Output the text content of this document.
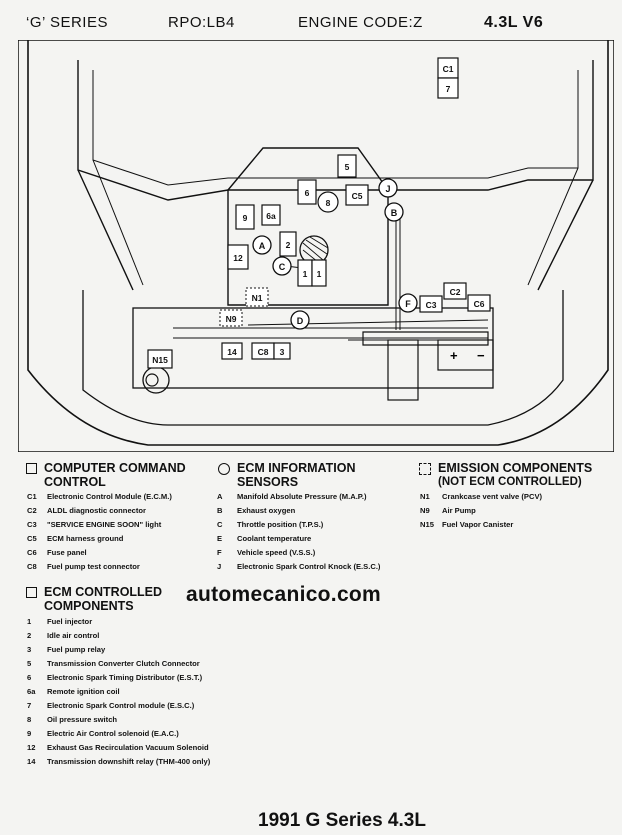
‘G’ SERIES	RPO:LB4	ENGINE CODE:Z	4.3L V6
+ −
C1
7
5
6
8
C5
9 6a
2
12
1 1
N1
N9
C3
C2
C6
14 C8 3
N15
J
B
A
C
D
F
COMPUTER COMMAND
CONTROL
C1 Electronic Control Module (E.C.M.)
C2 ALDL diagnostic connector
C3 "SERVICE ENGINE SOON" light
C5 ECM harness ground
C6 Fuse panel
C8 Fuel pump test connector
ECM INFORMATION
SENSORS
A Manifold Absolute Pressure (M.A.P.)
B Exhaust oxygen
C Throttle position (T.P.S.)
E Coolant temperature
F Vehicle speed (V.S.S.)
J Electronic Spark Control Knock (E.S.C.)
EMISSION COMPONENTS
(NOT ECM CONTROLLED)
N1 Crankcase vent valve (PCV)
N9 Air Pump
N15 Fuel Vapor Canister
ECM CONTROLLED
COMPONENTS
1 Fuel injector
2 Idle air control
3 Fuel pump relay
5 Transmission Converter Clutch Connector
6 Electronic Spark Timing Distributor (E.S.T.)
6a Remote ignition coil
7 Electronic Spark Control module (E.S.C.)
8 Oil pressure switch
9 Electric Air Control solenoid (E.A.C.)
12 Exhaust Gas Recirculation Vacuum Solenoid
14 Transmission downshift relay (THM-400 only)
automecanico.com
1991 G Series 4.3L
